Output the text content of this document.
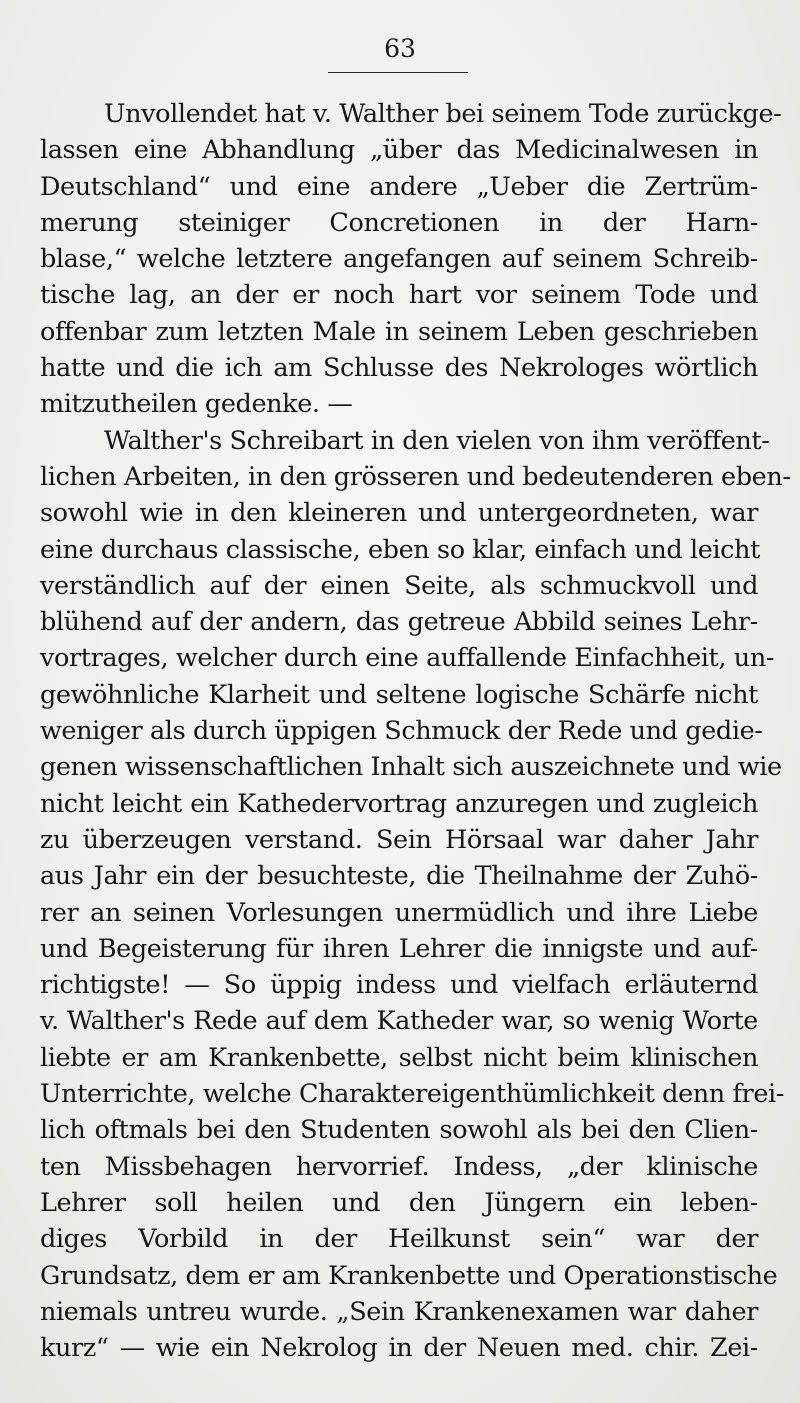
63
Unvollendet hat v. Walther bei seinem Tode zurückge-
lassen eine Abhandlung „über das Medicinalwesen in
Deutschland“ und eine andere „Ueber die Zertrüm-
merung steiniger Concretionen in der Harn-
blase,“ welche letztere angefangen auf seinem Schreib-
tische lag, an der er noch hart vor seinem Tode und
offenbar zum letzten Male in seinem Leben geschrieben
hatte und die ich am Schlusse des Nekrologes wörtlich
mitzutheilen gedenke. —
Walther's Schreibart in den vielen von ihm veröffent-
lichen Arbeiten, in den grösseren und bedeutenderen eben-
sowohl wie in den kleineren und untergeordneten, war
eine durchaus classische, eben so klar, einfach und leicht
verständlich auf der einen Seite, als schmuckvoll und
blühend auf der andern, das getreue Abbild seines Lehr-
vortrages, welcher durch eine auffallende Einfachheit, un-
gewöhnliche Klarheit und seltene logische Schärfe nicht
weniger als durch üppigen Schmuck der Rede und gedie-
genen wissenschaftlichen Inhalt sich auszeichnete und wie
nicht leicht ein Kathedervortrag anzuregen und zugleich
zu überzeugen verstand. Sein Hörsaal war daher Jahr
aus Jahr ein der besuchteste, die Theilnahme der Zuhö-
rer an seinen Vorlesungen unermüdlich und ihre Liebe
und Begeisterung für ihren Lehrer die innigste und auf-
richtigste! — So üppig indess und vielfach erläuternd
v. Walther's Rede auf dem Katheder war, so wenig Worte
liebte er am Krankenbette, selbst nicht beim klinischen
Unterrichte, welche Charaktereigenthümlichkeit denn frei-
lich oftmals bei den Studenten sowohl als bei den Clien-
ten Missbehagen hervorrief. Indess, „der klinische
Lehrer soll heilen und den Jüngern ein leben-
diges Vorbild in der Heilkunst sein“ war der
Grundsatz, dem er am Krankenbette und Operationstische
niemals untreu wurde. „Sein Krankenexamen war daher
kurz“ — wie ein Nekrolog in der Neuen med. chir. Zei-
